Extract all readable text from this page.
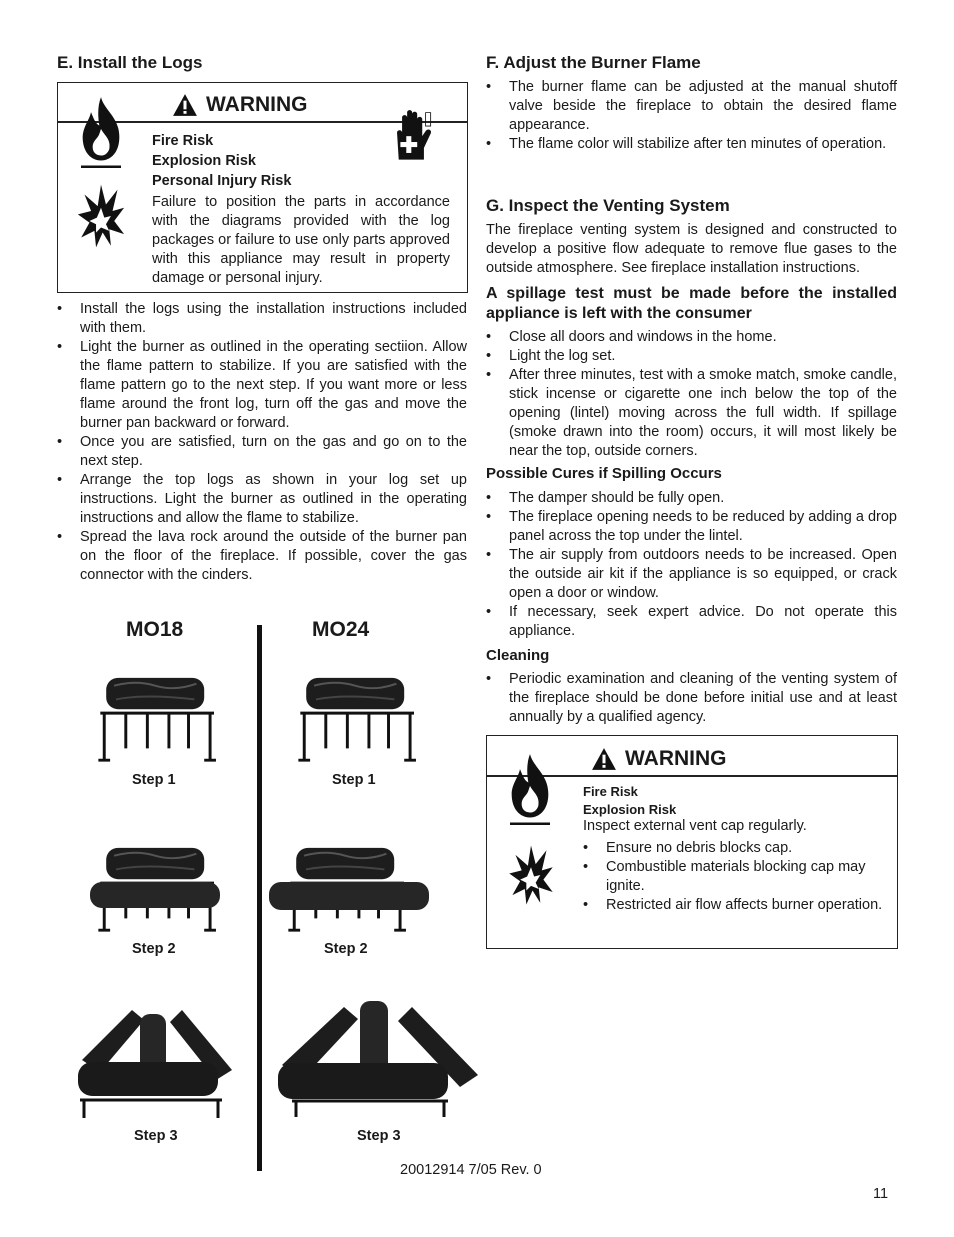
E. Install the Logs
WARNING
Fire Risk
Explosion Risk
Personal Injury Risk
Failure to position the parts in accordance with the diagrams provided with the log packages or failure to use only parts approved with this appliance may result in property damage or personal injury.
• Install the logs using the installation instructions included with them.
• Light the burner as outlined in the operating sectiion. Allow the flame pattern to stabilize. If you are satisfied with the flame pattern go to the next step. If you want more or less flame around the front log, turn off the gas and move the burner pan backward or forward.
• Once you are satisfied, turn on the gas and go on to the next step.
• Arrange the top logs as shown in your log set up instructions. Light the burner as outlined in the operating instructions and allow the flame to stabilize.
• Spread the lava rock around the outside of the burner pan on the floor of the fireplace. If possible, cover the gas connector with the cinders.
MO18	MO24
Step 1	Step 1
Step 2	Step 2
Step 3	Step 3
F. Adjust the Burner Flame
• The burner flame can be adjusted at the manual shutoff valve beside the fireplace to obtain the desired flame appearance.
• The flame color will stabilize after ten minutes of operation.
G. Inspect the Venting System
The fireplace venting system is designed and constructed to develop a positive flow adequate to remove flue gases to the outside atmosphere. See fireplace installation instructions.
A spillage test must be made before the installed appliance is left with the consumer
• Close all doors and windows in the home.
• Light the log set.
• After three minutes, test with a smoke match, smoke candle, stick incense or cigarette one inch below the top of the opening (lintel) moving across the full width. If spillage (smoke drawn into the room) occurs, it will most likely be near the top, outside corners.
Possible Cures if Spilling Occurs
• The damper should be fully open.
• The fireplace opening needs to be reduced by adding a drop panel across the top under the lintel.
• The air supply from outdoors needs to be increased. Open the outside air kit if the appliance is so equipped, or crack open a door or window.
• If necessary, seek expert advice. Do not operate this appliance.
Cleaning
• Periodic examination and cleaning of the venting system of the fireplace should be done before initial use and at least annually by a qualified agency.
WARNING
Fire Risk
Explosion Risk
Inspect external vent cap regularly.
• Ensure no debris blocks cap.
• Combustible materials blocking cap may ignite.
• Restricted air flow affects burner operation.
20012914 7/05 Rev. 0
11
